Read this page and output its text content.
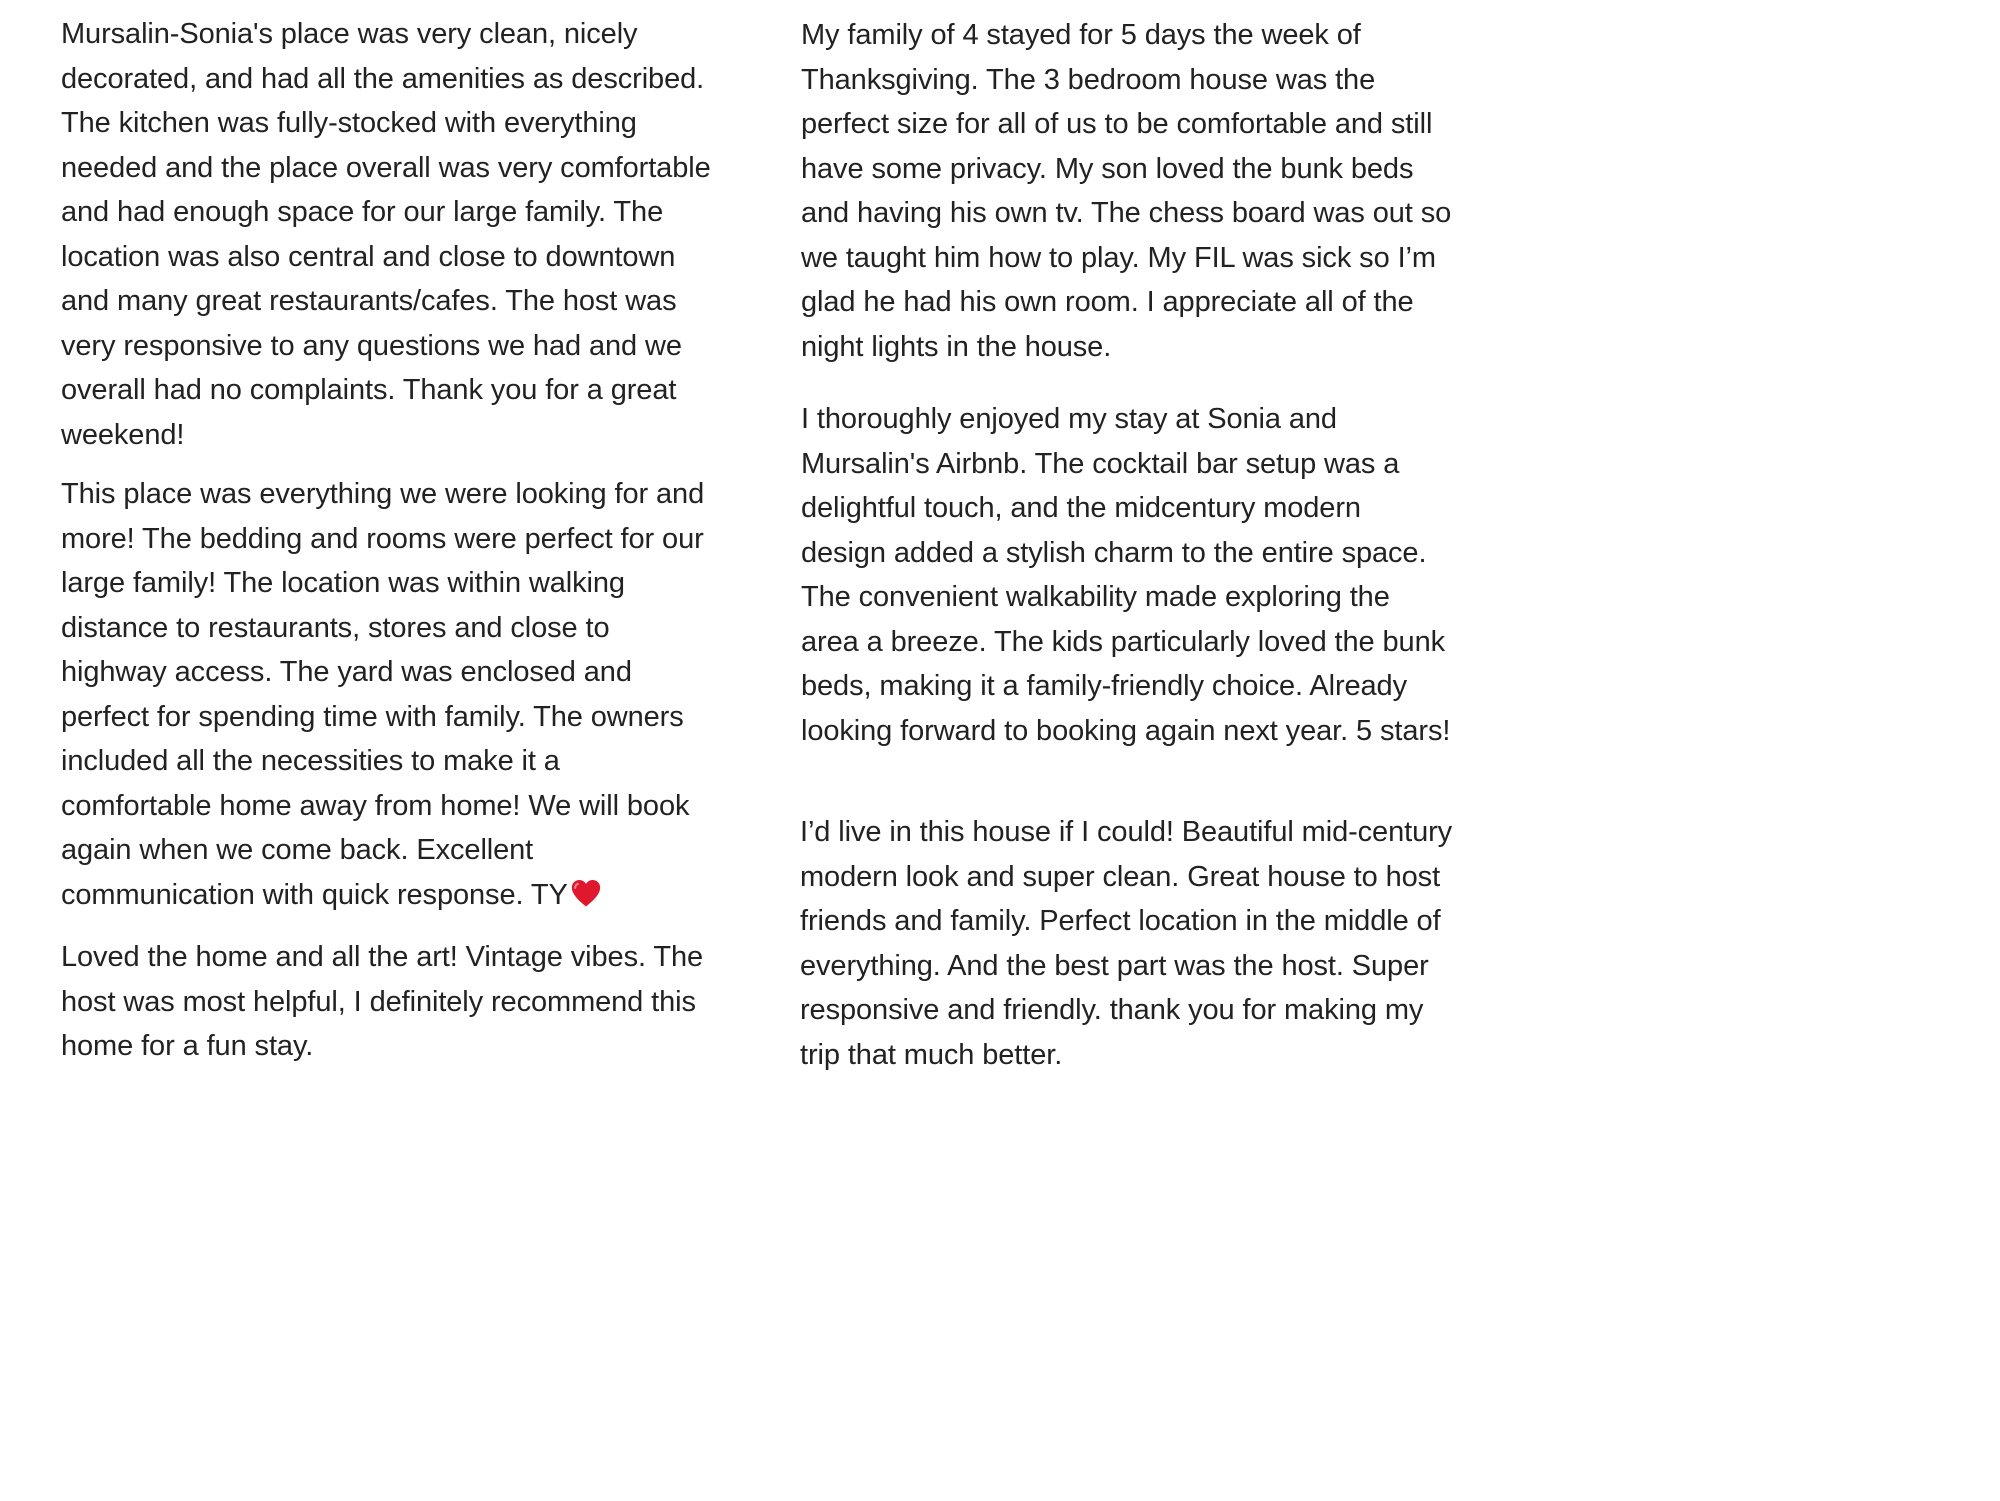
Mursalin-Sonia's place was very clean, nicely
decorated, and had all the amenities as described.
The kitchen was fully-stocked with everything
needed and the place overall was very comfortable
and had enough space for our large family. The
location was also central and close to downtown
and many great restaurants/cafes. The host was
very responsive to any questions we had and we
overall had no complaints. Thank you for a great
weekend!

This place was everything we were looking for and
more! The bedding and rooms were perfect for our
large family! The location was within walking
distance to restaurants, stores and close to
highway access. The yard was enclosed and
perfect for spending time with family. The owners
included all the necessities to make it a
comfortable home away from home! We will book
again when we come back. Excellent
communication with quick response. TY

Loved the home and all the art! Vintage vibes. The
host was most helpful, I definitely recommend this
home for a fun stay.

My family of 4 stayed for 5 days the week of
Thanksgiving. The 3 bedroom house was the
perfect size for all of us to be comfortable and still
have some privacy. My son loved the bunk beds
and having his own tv. The chess board was out so
we taught him how to play. My FIL was sick so I’m
glad he had his own room. I appreciate all of the
night lights in the house.

I thoroughly enjoyed my stay at Sonia and
Mursalin's Airbnb. The cocktail bar setup was a
delightful touch, and the midcentury modern
design added a stylish charm to the entire space.
The convenient walkability made exploring the
area a breeze. The kids particularly loved the bunk
beds, making it a family-friendly choice. Already
looking forward to booking again next year. 5 stars!

I’d live in this house if I could! Beautiful mid-century
modern look and super clean. Great house to host
friends and family. Perfect location in the middle of
everything. And the best part was the host. Super
responsive and friendly. thank you for making my
trip that much better.
